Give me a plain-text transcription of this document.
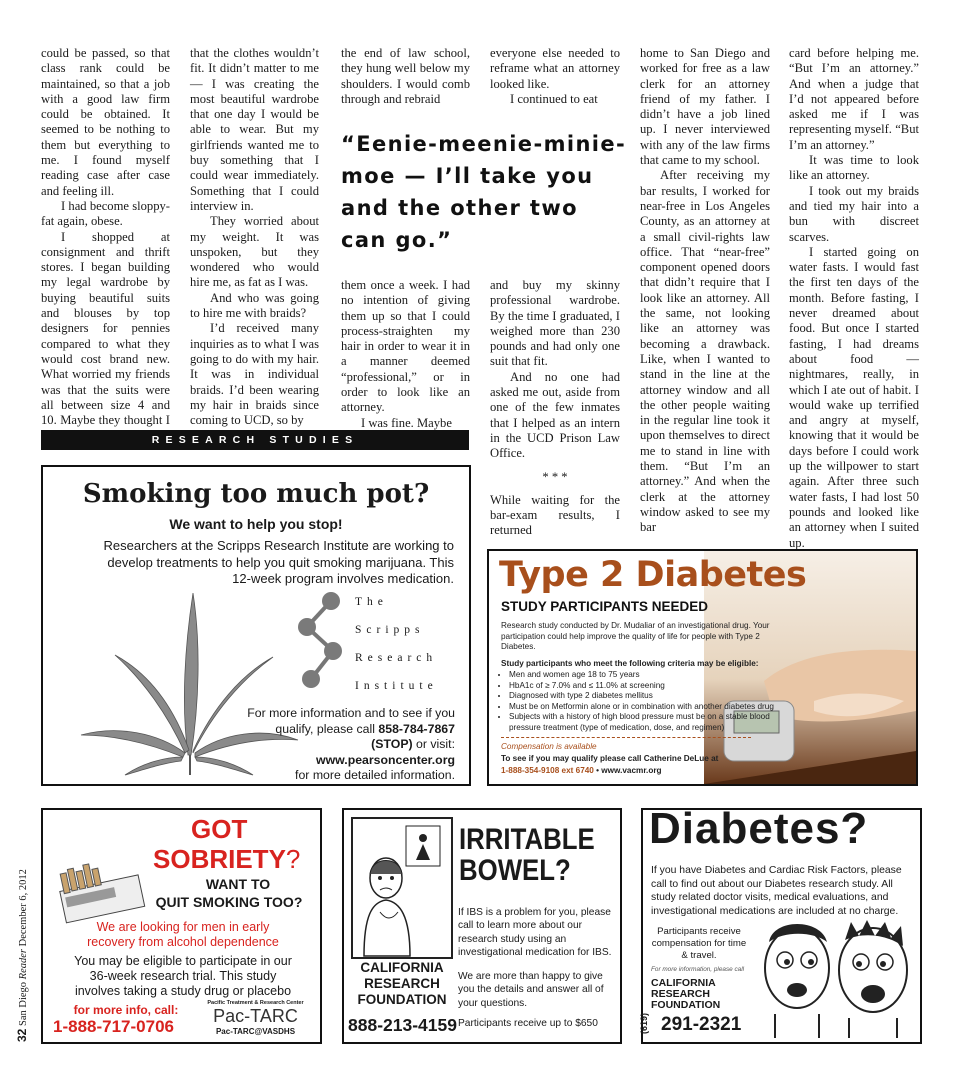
could be passed, so that class rank could be maintained, so that a job with a good law firm could be obtained. It seemed to be nothing to them but everything to me. I found myself reading case after case and feeling ill.

I had become sloppy-fat again, obese.

I shopped at consignment and thrift stores. I began building my legal wardrobe by buying beautiful suits and blouses by top designers for pennies compared to what they would cost brand new. What worried my friends was that the suits were all between size 4 and 10. Maybe they thought I

that the clothes wouldn’t fit. It didn’t matter to me — I was creating the most beautiful wardrobe that one day I would be able to wear. But my girlfriends wanted me to buy something that I could wear immediately. Something that I could interview in.

They worried about my weight. It was unspoken, but they wondered who would hire me, as fat as I was.

And who was going to hire me with braids?

I’d received many inquiries as to what I was going to do with my hair. It was in individual braids. I’d been wearing my hair in braids since coming to UCD, so by

the end of law school, they hung well below my shoulders. I would comb through and rebraid

everyone else needed to reframe what an attorney looked like.

I continued to eat

“Eenie-meenie-minie-moe — I’ll take you and the other two can go.”

them once a week. I had no intention of giving them up so that I could process-straighten my hair in order to wear it in a manner deemed “professional,” or in order to look like an attorney.

I was fine. Maybe

and buy my skinny professional wardrobe. By the time I graduated, I weighed more than 230 pounds and had only one suit that fit.

And no one had asked me out, aside from one of the few inmates that I helped as an intern in the UCD Prison Law Office.

* * *

While waiting for the bar-exam results, I returned

home to San Diego and worked for free as a law clerk for an attorney friend of my father. I didn’t have a job lined up. I never interviewed with any of the law firms that came to my school.

After receiving my bar results, I worked for near-free in Los Angeles County, as an attorney at a small civil-rights law office. That “near-free” component opened doors that didn’t require that I look like an attorney. All the same, not looking like an attorney was becoming a drawback. Like, when I wanted to stand in the line at the attorney window and all the other people waiting in the regular line took it upon themselves to direct me to stand in line with them. “But I’m an attorney.” And when the clerk at the attorney window asked to see my bar

card before helping me. “But I’m an attorney.” And when a judge that I’d not appeared before asked me if I was representing myself. “But I’m an attorney.”

It was time to look like an attorney.

I took out my braids and tied my hair into a bun with discreet scarves.

I started going on water fasts. I would fast the first ten days of the month. Before fasting, I never dreamed about food. But once I started fasting, I had dreams about food — nightmares, really, in which I ate out of habit. I would wake up terrified and angry at myself, knowing that it would be days before I could work up the willpower to start again. After three such water fasts, I had lost 50 pounds and looked like an attorney when I suited up.

RESEARCH STUDIES
Smoking too much pot?
We want to help you stop!
Researchers at the Scripps Research Institute are working to develop treatments to help you quit smoking marijuana. This 12-week program involves medication.
The
Scripps
Research
Institute
For more information and to see if you qualify, please call 858-784-7867 (STOP) or visit:
www.pearsoncenter.org
for more detailed information.
Type 2 Diabetes
STUDY PARTICIPANTS NEEDED
Research study conducted by Dr. Mudaliar of an investigational drug. Your participation could help improve the quality of life for people with Type 2 Diabetes.
Study participants who meet the following criteria may be eligible:
• Men and women age 18 to 75 years
• HbA1c of ≥ 7.0% and ≤ 11.0% at screening
• Diagnosed with type 2 diabetes mellitus
• Must be on Metformin alone or in combination with another diabetes drug
• Subjects with a history of high blood pressure must be on a stable blood pressure treatment (type of medication, dose, and regimen)
Compensation is available
To see if you may qualify please call Catherine DeLue at
1-888-354-9108 ext 6740 • www.vacmr.org
GOT
SOBRIETY?
WANT TO
QUIT SMOKING TOO?
We are looking for men in early recovery from alcohol dependence
You may be eligible to participate in our 36-week research trial. This study involves taking a study drug or placebo
for more info, call:
1-888-717-0706
Pacific Treatment & Research Center
Pac-TARC
Pac-TARC@VASDHS
IRRITABLE
BOWEL?
If IBS is a problem for you, please call to learn more about our research study using an investigational medication for IBS.
We are more than happy to give you the details and answer all of your questions.
Participants receive up to $650
CALIFORNIA RESEARCH FOUNDATION
888-213-4159
Diabetes?
If you have Diabetes and Cardiac Risk Factors, please call to find out about our Diabetes research study. All study related doctor visits, medical evaluations, and investigational medications are included at no charge.
Participants receive compensation for time & travel.
For more information, please call
CALIFORNIA RESEARCH FOUNDATION
(619) 291-2321
32 San Diego Reader December 6, 2012
